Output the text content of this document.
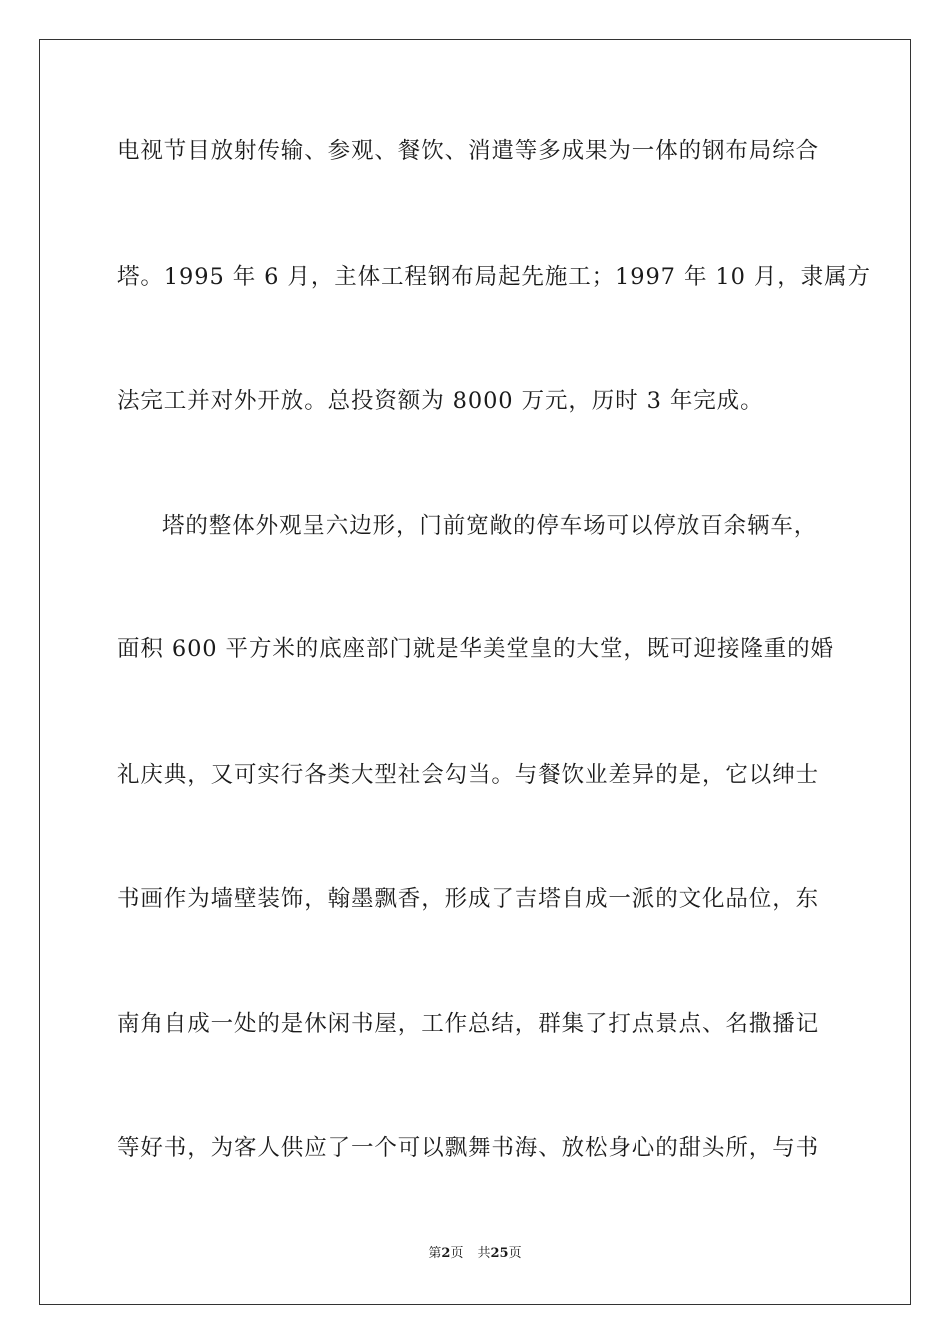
电视节目放射传输、参观、餐饮、消遣等多成果为一体的钢布局综合
塔。1995 年 6 月，主体工程钢布局起先施工；1997 年 10 月，隶属方
法完工并对外开放。总投资额为 8000 万元，历时 3 年完成。
塔的整体外观呈六边形，门前宽敞的停车场可以停放百余辆车，
面积 600 平方米的底座部门就是华美堂皇的大堂，既可迎接隆重的婚
礼庆典，又可实行各类大型社会勾当。与餐饮业差异的是，它以绅士
书画作为墙壁装饰，翰墨飘香，形成了吉塔自成一派的文化品位，东
南角自成一处的是休闲书屋，工作总结，群集了打点景点、名撒播记
等好书，为客人供应了一个可以飘舞书海、放松身心的甜头所，与书
第2页 共25页
